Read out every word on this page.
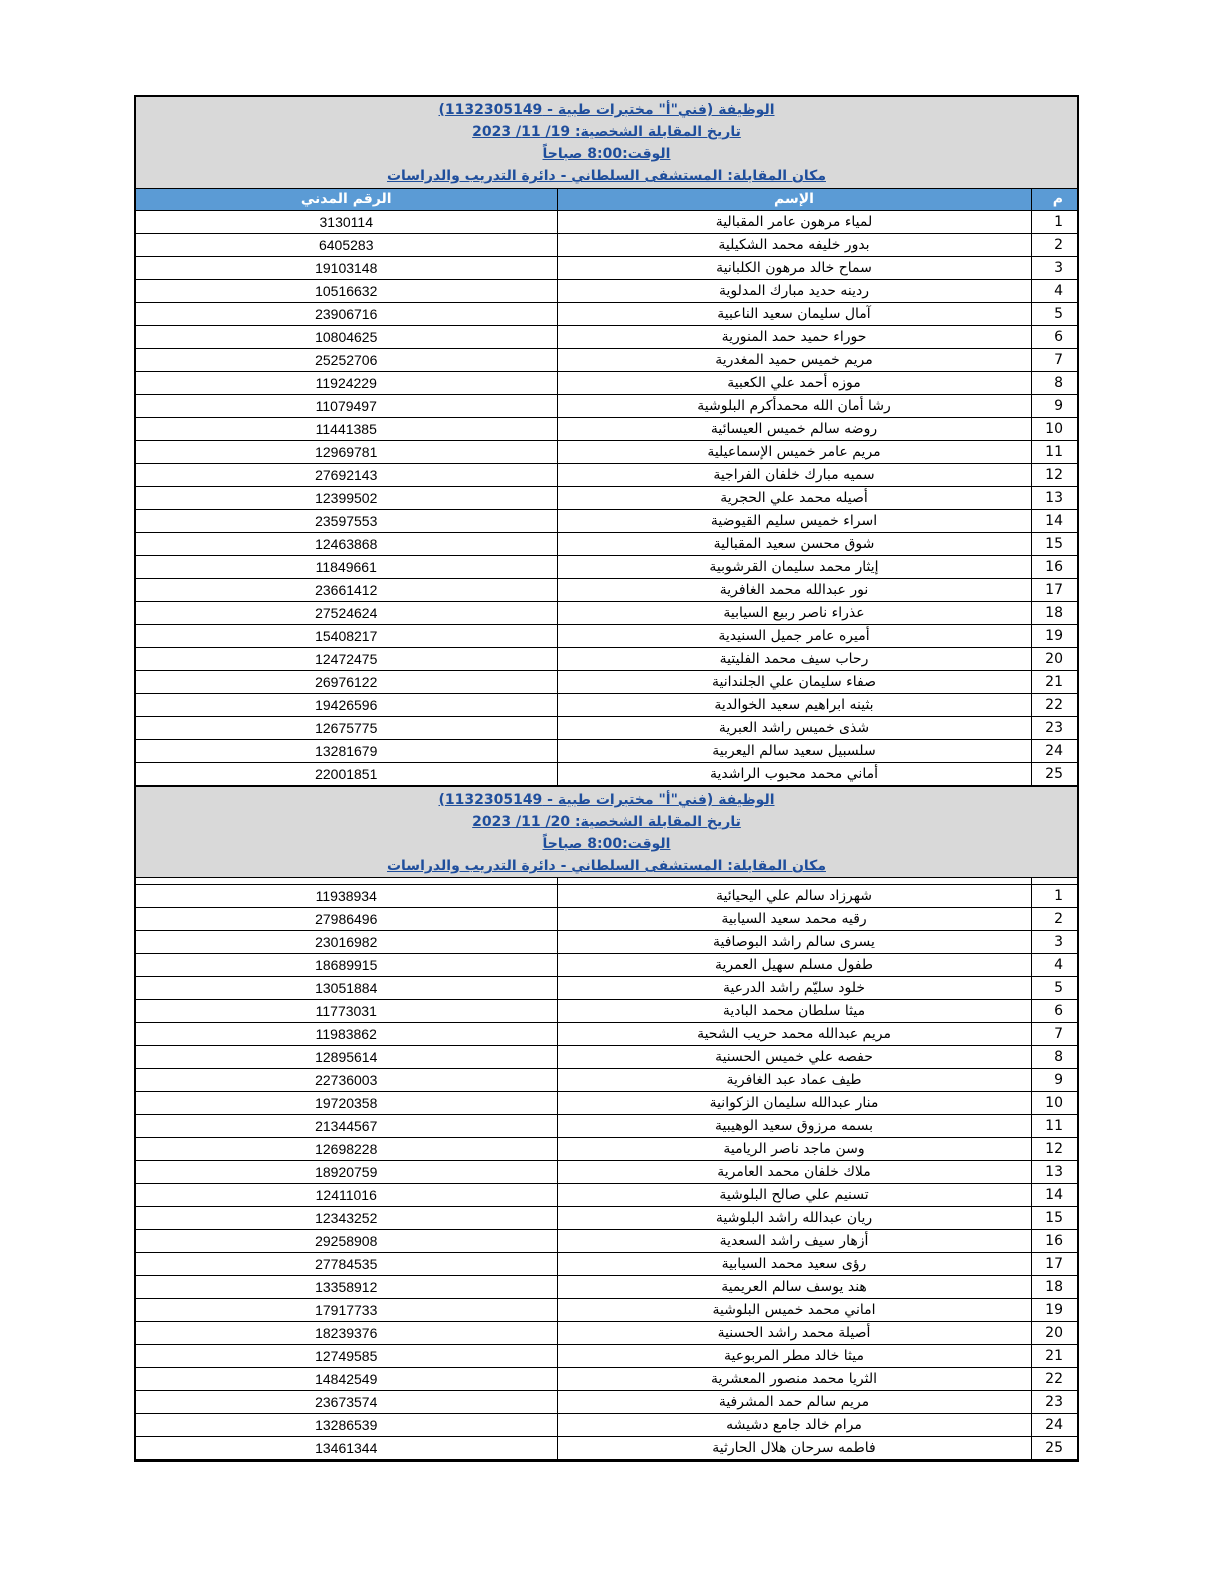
الوظيفة (فني"أ" مختبرات طبية - 1132305149)
تاريخ المقابلة الشخصية: 19/ 11/ 2023
الوقت:8:00 صباحاً
مكان المقابلة: المستشفى السلطاني - دائرة التدريب والدراسات
م	الإسم	الرقم المدني
1	لمياء مرهون عامر المقبالية	3130114
2	بدور خليفه محمد الشكيلية	6405283
3	سماح خالد مرهون الكلبانية	19103148
4	ردينه حديد مبارك المدلوية	10516632
5	آمال سليمان سعيد الناعبية	23906716
6	حوراء حميد حمد المنورية	10804625
7	مريم خميس حميد المغدرية	25252706
8	موزه أحمد علي الكعبية	11924229
9	رشا أمان الله محمدأكرم البلوشية	11079497
10	روضه سالم خميس العيسائية	11441385
11	مريم عامر خميس الإسماعيلية	12969781
12	سميه مبارك خلفان الفراجية	27692143
13	أصيله محمد علي الحجرية	12399502
14	اسراء خميس سليم القيوضية	23597553
15	شوق محسن سعيد المقبالية	12463868
16	إيثار محمد سليمان القرشوبية	11849661
17	نور عبدالله محمد الغافرية	23661412
18	عذراء ناصر ربيع السيابية	27524624
19	أميره عامر جميل السنيدية	15408217
20	رحاب سيف محمد الفليتية	12472475
21	صفاء سليمان علي الجلندانية	26976122
22	بثينه ابراهيم سعيد الخوالدية	19426596
23	شذى خميس راشد العبرية	12675775
24	سلسبيل سعيد سالم اليعربية	13281679
25	أماني محمد محبوب الراشدية	22001851
الوظيفة (فني"أ" مختبرات طبية - 1132305149)
تاريخ المقابلة الشخصية: 20/ 11/ 2023
الوقت:8:00 صباحاً
مكان المقابلة: المستشفى السلطاني - دائرة التدريب والدراسات

1	شهرزاد سالم علي اليحيائية	11938934
2	رقيه محمد سعيد السيابية	27986496
3	يسرى سالم راشد البوصافية	23016982
4	طفول مسلم سهيل العمرية	18689915
5	خلود سليّم راشد الدرعية	13051884
6	ميثا سلطان محمد البادية	11773031
7	مريم عبدالله محمد حريب الشحية	11983862
8	حفصه علي خميس الحسنية	12895614
9	طيف عماد عبد الغافرية	22736003
10	منار عبدالله سليمان الزكوانية	19720358
11	بسمه مرزوق سعيد الوهيبية	21344567
12	وسن ماجد ناصر الريامية	12698228
13	ملاك خلفان محمد العامرية	18920759
14	تسنيم علي صالح البلوشية	12411016
15	ريان عبدالله راشد البلوشية	12343252
16	أزهار سيف راشد السعدية	29258908
17	رؤى سعيد محمد السيابية	27784535
18	هند يوسف سالم العريمية	13358912
19	اماني محمد خميس البلوشية	17917733
20	أصيلة محمد راشد الحسنية	18239376
21	ميثا خالد مطر المربوعية	12749585
22	الثريا محمد منصور المعشرية	14842549
23	مريم سالم حمد المشرفية	23673574
24	مرام خالد جامع دشيشه	13286539
25	فاطمه سرحان هلال الحارثية	13461344
